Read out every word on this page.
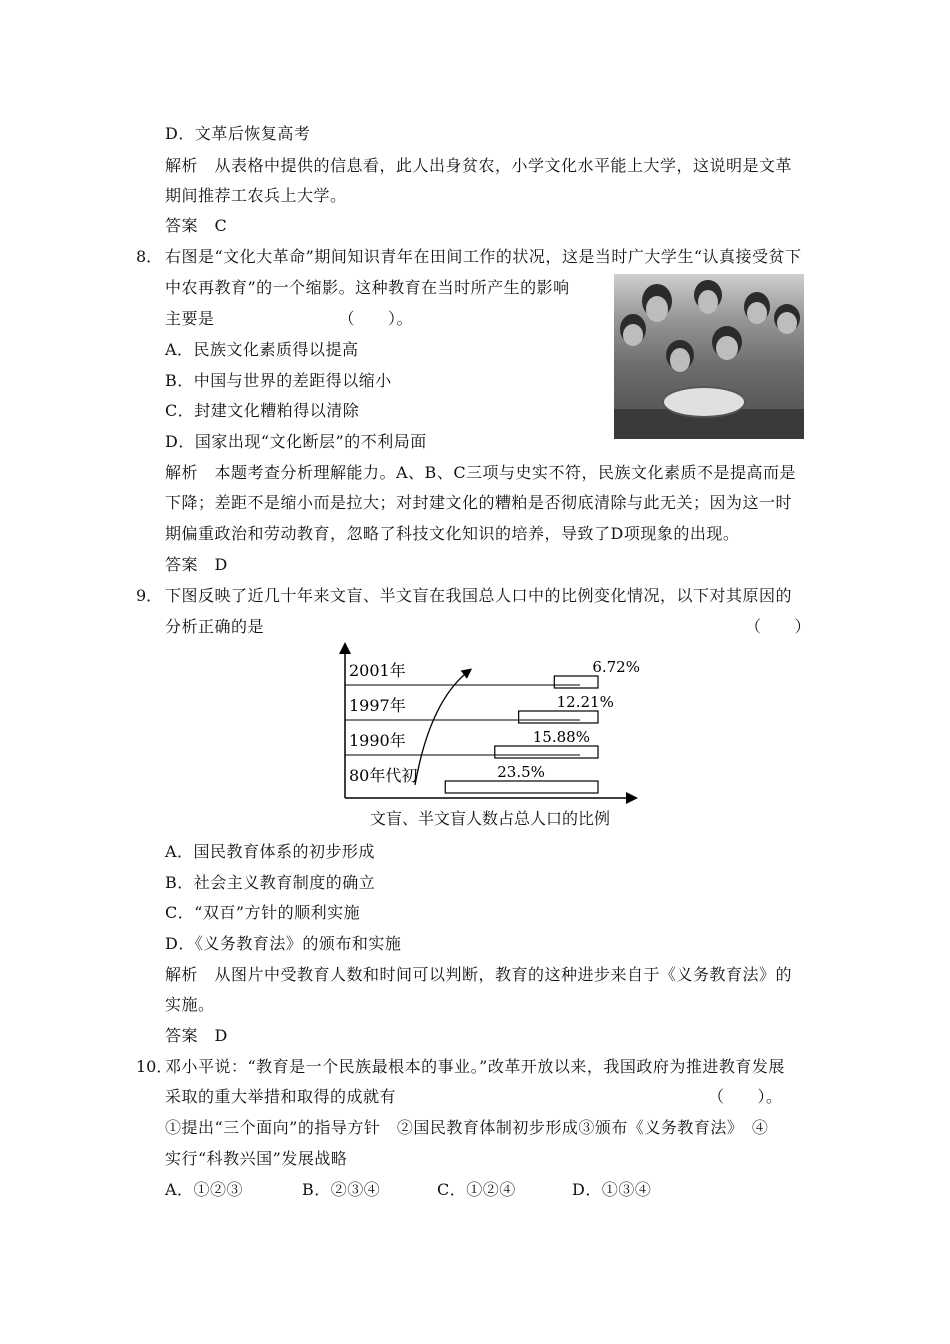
D．文革后恢复高考
解析　从表格中提供的信息看，此人出身贫农，小学文化水平能上大学，这说明是文革
期间推荐工农兵上大学。
答案　C
8． 右图是“文化大革命”期间知识青年在田间工作的状况，这是当时广大学生“认真接受贫下
中农再教育”的一个缩影。这种教育在当时所产生的影响
主要是　　　　　　　　（　　）。
A．民族文化素质得以提高
B．中国与世界的差距得以缩小
C．封建文化糟粕得以清除
D．国家出现“文化断层”的不利局面
解析　本题考查分析理解能力。A、B、C三项与史实不符，民族文化素质不是提高而是
下降；差距不是缩小而是拉大；对封建文化的糟粕是否彻底清除与此无关；因为这一时
期偏重政治和劳动教育，忽略了科技文化知识的培养，导致了D项现象的出现。
答案　D
9． 下图反映了近几十年来文盲、半文盲在我国总人口中的比例变化情况，以下对其原因的
分析正确的是	（　　）
2001年	6.72%
1997年	12.21%
1990年	15.88%
80年代初	23.5%
文盲、半文盲人数占总人口的比例
A．国民教育体系的初步形成
B．社会主义教育制度的确立
C．“双百”方针的顺利实施
D．《义务教育法》的颁布和实施
解析　从图片中受教育人数和时间可以判断，教育的这种进步来自于《义务教育法》的
实施。
答案　D
10．
邓小平说：“教育是一个民族最根本的事业。”改革开放以来，我国政府为推进教育发展
采取的重大举措和取得的成就有	（　　）。
①提出“三个面向”的指导方针　②国民教育体制初步形成③颁布《义务教育法》　④
实行“科教兴国”发展战略
A．①②③	B．②③④	C．①②④	D．①③④
